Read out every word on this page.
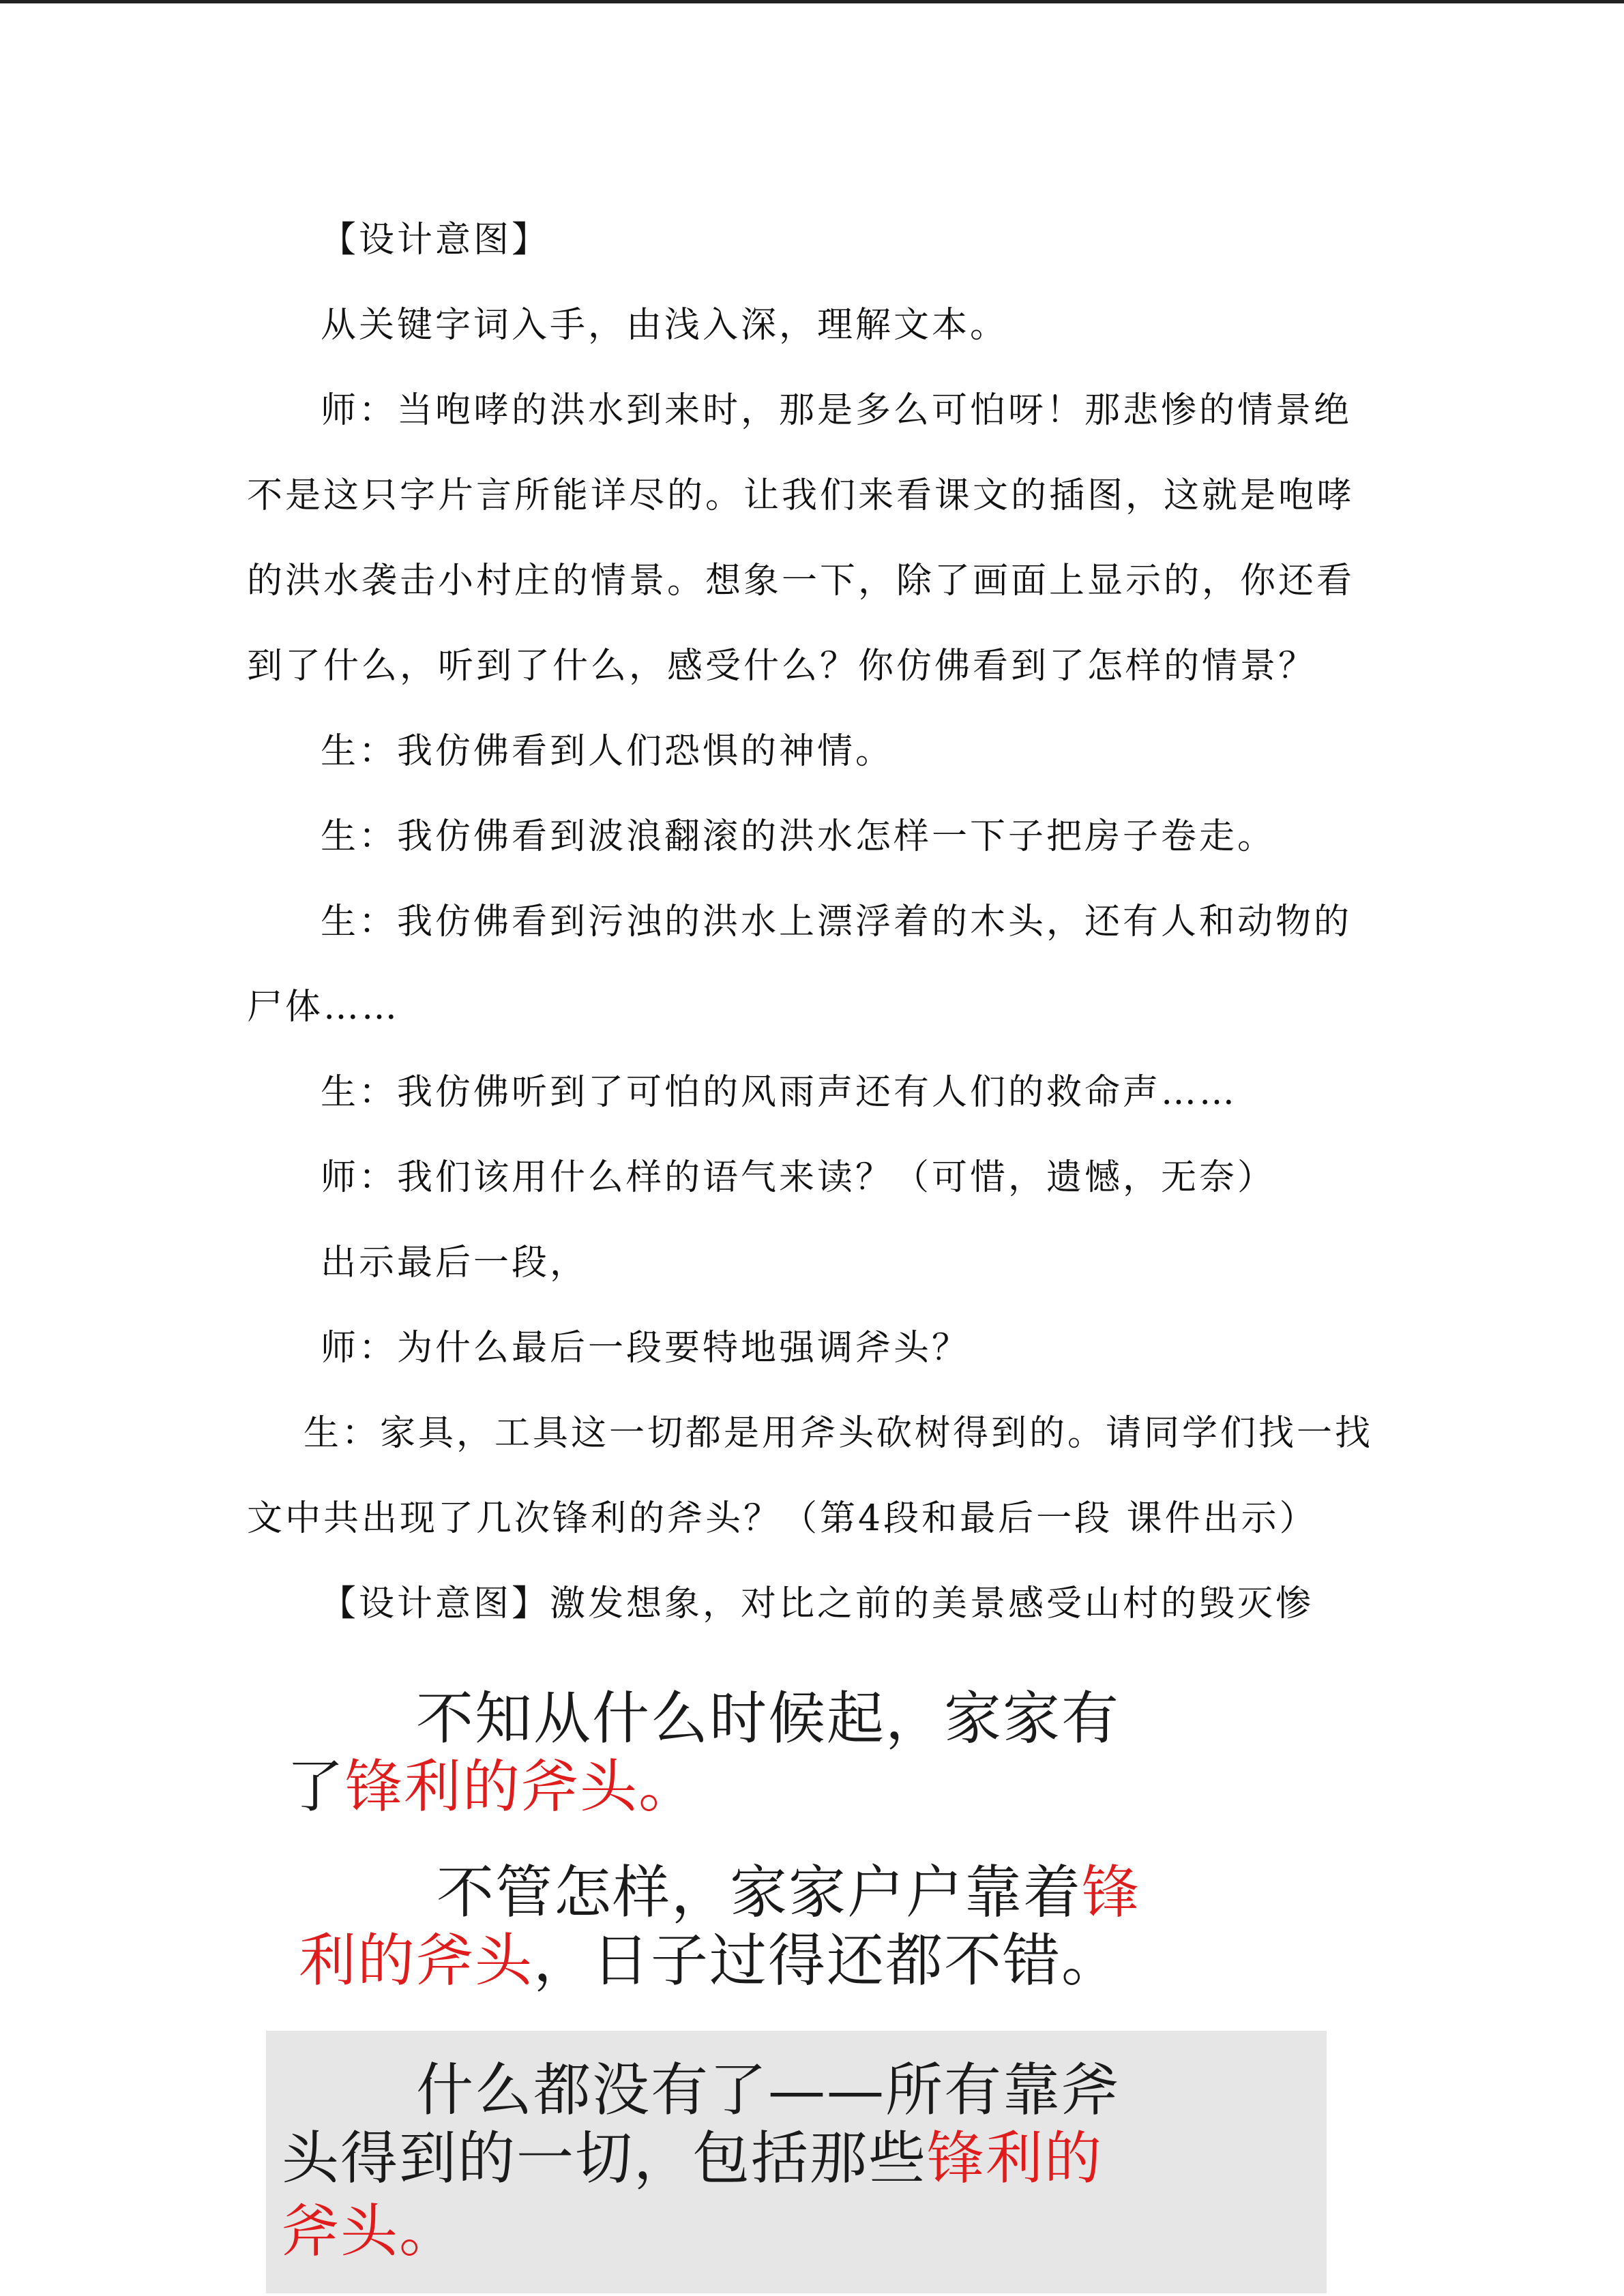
【设计意图】
从关键字词入手，由浅入深，理解文本。
师：当咆哮的洪水到来时，那是多么可怕呀！那悲惨的情景绝
不是这只字片言所能详尽的。让我们来看课文的插图，这就是咆哮
的洪水袭击小村庄的情景。想象一下，除了画面上显示的，你还看
到了什么，听到了什么，感受什么？你仿佛看到了怎样的情景？
生：我仿佛看到人们恐惧的神情。
生：我仿佛看到波浪翻滚的洪水怎样一下子把房子卷走。
生：我仿佛看到污浊的洪水上漂浮着的木头，还有人和动物的
尸体……
生：我仿佛听到了可怕的风雨声还有人们的救命声……
师：我们该用什么样的语气来读？（可惜，遗憾，无奈）
出示最后一段，
师：为什么最后一段要特地强调斧头？
生：家具，工具这一切都是用斧头砍树得到的。请同学们找一找
文中共出现了几次锋利的斧头？（第4段和最后一段 课件出示）
【设计意图】激发想象，对比之前的美景感受山村的毁灭惨
不知从什么时候起，家家有
了锋利的斧头。
不管怎样，家家户户靠着锋
利的斧头，日子过得还都不错。
什么都没有了——所有靠斧
头得到的一切，包括那些锋利的
斧头。
